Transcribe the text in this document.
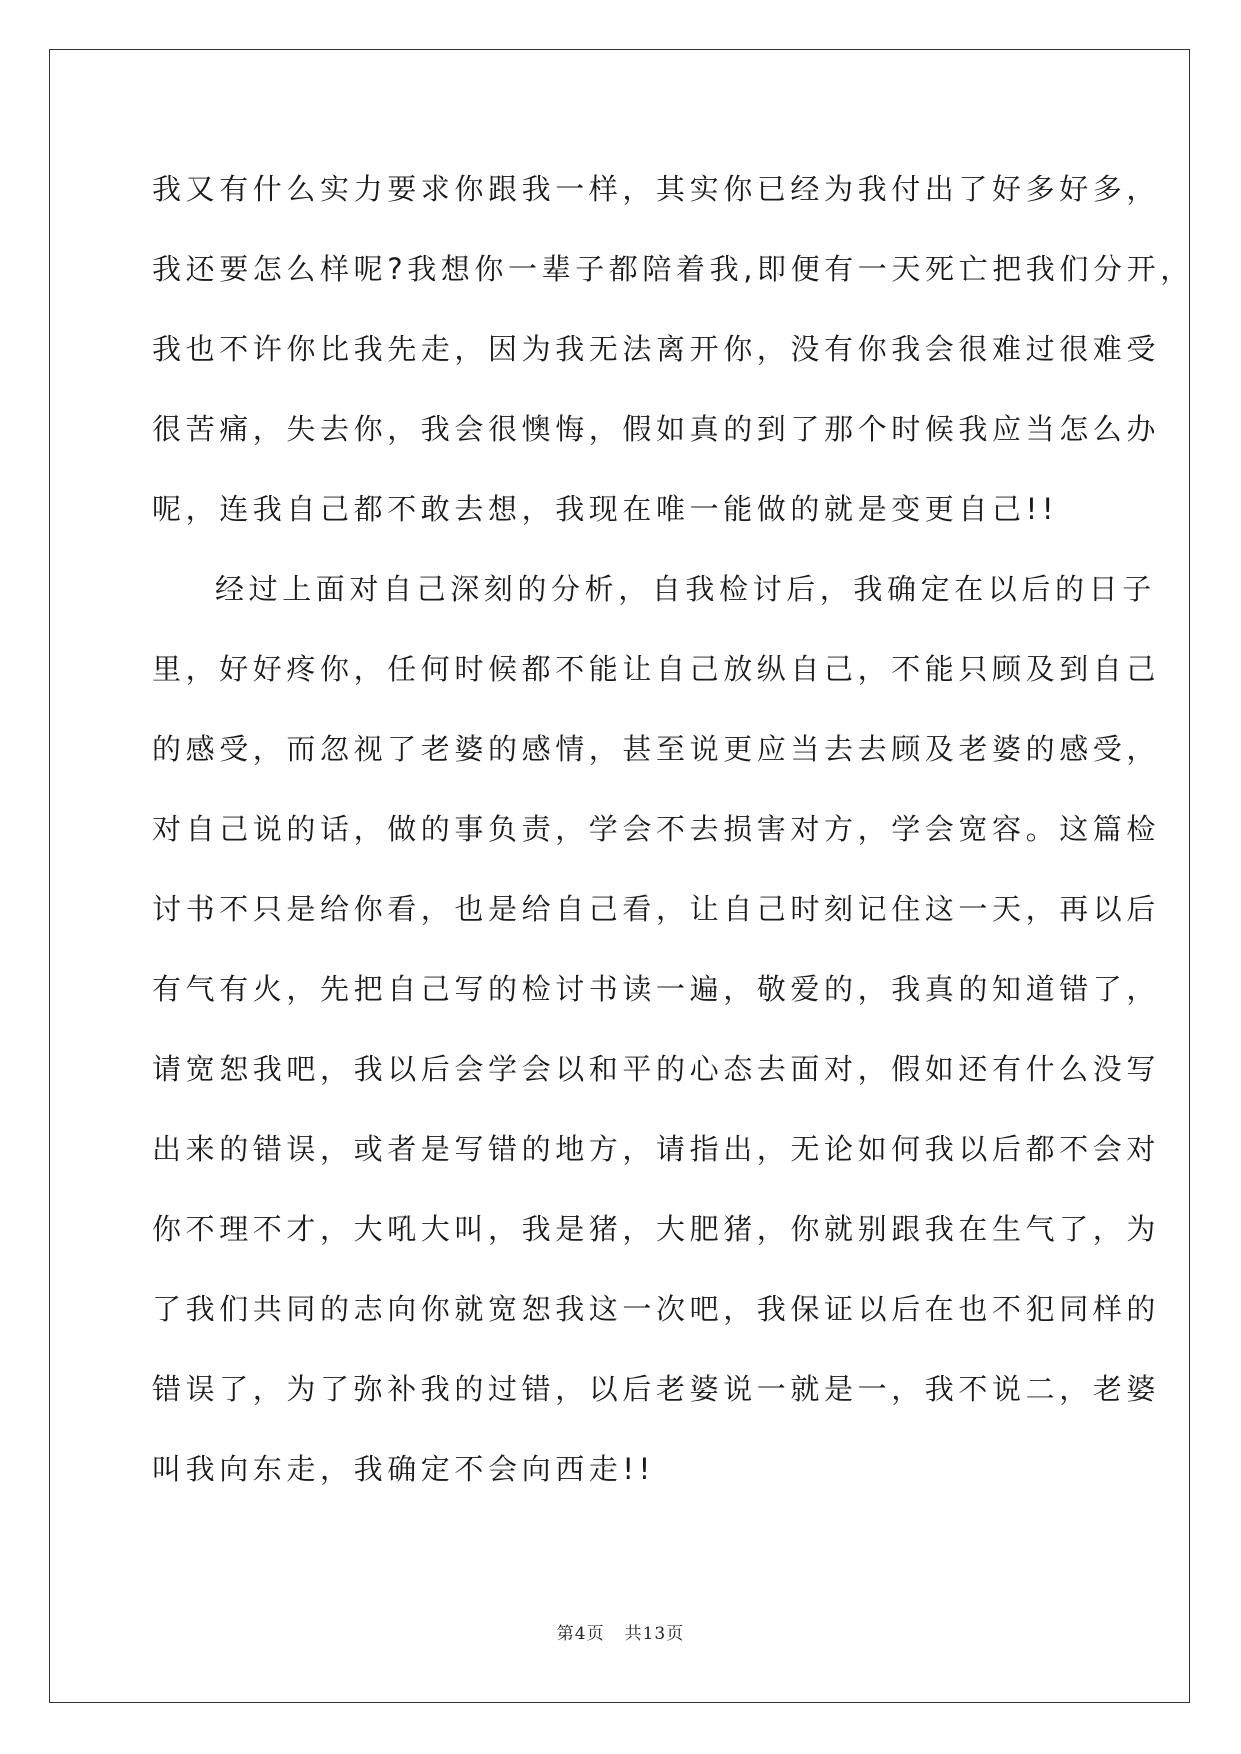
我又有什么实力要求你跟我一样，其实你已经为我付出了好多好多，
我还要怎么样呢?我想你一辈子都陪着我,即便有一天死亡把我们分开，
我也不许你比我先走，因为我无法离开你，没有你我会很难过很难受
很苦痛，失去你，我会很懊悔，假如真的到了那个时候我应当怎么办
呢，连我自己都不敢去想，我现在唯一能做的就是变更自己!!
经过上面对自己深刻的分析，自我检讨后，我确定在以后的日子
里，好好疼你，任何时候都不能让自己放纵自己，不能只顾及到自己
的感受，而忽视了老婆的感情，甚至说更应当去去顾及老婆的感受，
对自己说的话，做的事负责，学会不去损害对方，学会宽容。这篇检
讨书不只是给你看，也是给自己看，让自己时刻记住这一天，再以后
有气有火，先把自己写的检讨书读一遍，敬爱的，我真的知道错了，
请宽恕我吧，我以后会学会以和平的心态去面对，假如还有什么没写
出来的错误，或者是写错的地方，请指出，无论如何我以后都不会对
你不理不才，大吼大叫，我是猪，大肥猪，你就别跟我在生气了，为
了我们共同的志向你就宽恕我这一次吧，我保证以后在也不犯同样的
错误了，为了弥补我的过错，以后老婆说一就是一，我不说二，老婆
叫我向东走，我确定不会向西走!!
第4页 共13页
